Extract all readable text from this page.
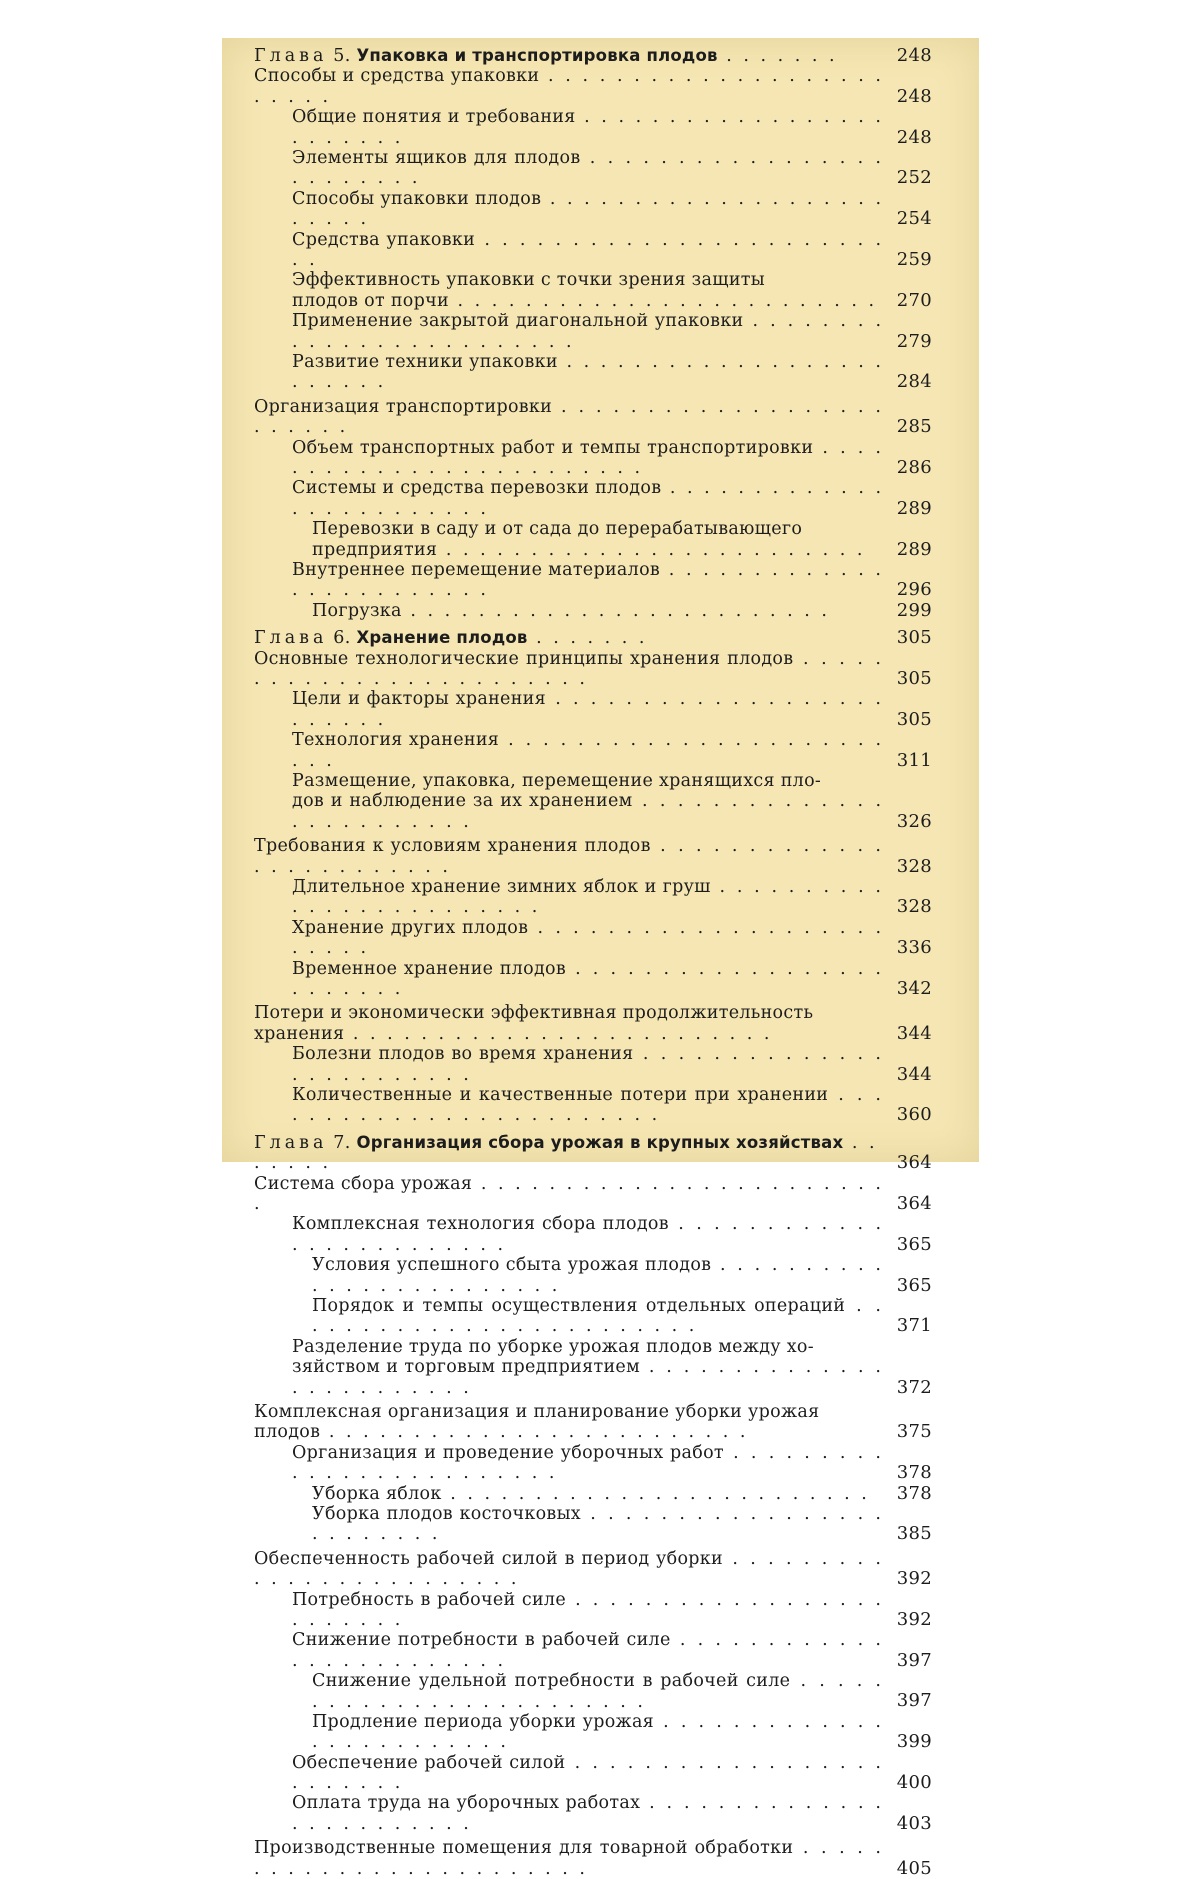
Глава 5. Упаковка и транспортировка плодов . . . . . . .	248
Способы и средства упаковки . . . . . . . . . . . . . . . . . . . . . . . . .	248
Общие понятия и требования . . . . . . . . . . . . . . . . . . . . . . . . .	248
Элементы ящиков для плодов . . . . . . . . . . . . . . . . . . . . . . . . .	252
Способы упаковки плодов . . . . . . . . . . . . . . . . . . . . . . . . .	254
Средства упаковки . . . . . . . . . . . . . . . . . . . . . . . . .	259
Эффективность упаковки с точки зрения защиты
плодов от порчи . . . . . . . . . . . . . . . . . . . . . . . . .	270
Применение закрытой диагональной упаковки . . . . . . . . . . . . . . . . . . . . . . . . .	279
Развитие техники упаковки . . . . . . . . . . . . . . . . . . . . . . . . .	284
Организация транспортировки . . . . . . . . . . . . . . . . . . . . . . . . .	285
Объем транспортных работ и темпы транспортировки . . . . . . . . . . . . . . . . . . . . . . . . .	286
Системы и средства перевозки плодов . . . . . . . . . . . . . . . . . . . . . . . . .	289
Перевозки в саду и от сада до перерабатывающего
предприятия . . . . . . . . . . . . . . . . . . . . . . . . .	289
Внутреннее перемещение материалов . . . . . . . . . . . . . . . . . . . . . . . . .	296
Погрузка . . . . . . . . . . . . . . . . . . . . . . . . .	299
Глава 6. Хранение плодов . . . . . . .	305
Основные технологические принципы хранения плодов . . . . . . . . . . . . . . . . . . . . . . . . .	305
Цели и факторы хранения . . . . . . . . . . . . . . . . . . . . . . . . .	305
Технология хранения . . . . . . . . . . . . . . . . . . . . . . . . .	311
Размещение, упаковка, перемещение хранящихся пло-
дов и наблюдение за их хранением . . . . . . . . . . . . . . . . . . . . . . . . .	326
Требования к условиям хранения плодов . . . . . . . . . . . . . . . . . . . . . . . . .	328
Длительное хранение зимних яблок и груш . . . . . . . . . . . . . . . . . . . . . . . . .	328
Хранение других плодов . . . . . . . . . . . . . . . . . . . . . . . . .	336
Временное хранение плодов . . . . . . . . . . . . . . . . . . . . . . . . .	342
Потери и экономически эффективная продолжительность
хранения . . . . . . . . . . . . . . . . . . . . . . . . .	344
Болезни плодов во время хранения . . . . . . . . . . . . . . . . . . . . . . . . .	344
Количественные и качественные потери при хранении . . . . . . . . . . . . . . . . . . . . . . . . .	360
Глава 7. Организация сбора урожая в крупных хозяйствах . . . . . . .	364
Система сбора урожая . . . . . . . . . . . . . . . . . . . . . . . . .	364
Комплексная технология сбора плодов . . . . . . . . . . . . . . . . . . . . . . . . .	365
Условия успешного сбыта урожая плодов . . . . . . . . . . . . . . . . . . . . . . . . .	365
Порядок и темпы осуществления отдельных операций . . . . . . . . . . . . . . . . . . . . . . . . .	371
Разделение труда по уборке урожая плодов между хо-
зяйством и торговым предприятием . . . . . . . . . . . . . . . . . . . . . . . . .	372
Комплексная организация и планирование уборки урожая
плодов . . . . . . . . . . . . . . . . . . . . . . . . .	375
Организация и проведение уборочных работ . . . . . . . . . . . . . . . . . . . . . . . . .	378
Уборка яблок . . . . . . . . . . . . . . . . . . . . . . . . .	378
Уборка плодов косточковых . . . . . . . . . . . . . . . . . . . . . . . . .	385
Обеспеченность рабочей силой в период уборки . . . . . . . . . . . . . . . . . . . . . . . . .	392
Потребность в рабочей силе . . . . . . . . . . . . . . . . . . . . . . . . .	392
Снижение потребности в рабочей силе . . . . . . . . . . . . . . . . . . . . . . . . .	397
Снижение удельной потребности в рабочей силе . . . . . . . . . . . . . . . . . . . . . . . . .	397
Продление периода уборки урожая . . . . . . . . . . . . . . . . . . . . . . . . .	399
Обеспечение рабочей силой . . . . . . . . . . . . . . . . . . . . . . . . .	400
Оплата труда на уборочных работах . . . . . . . . . . . . . . . . . . . . . . . . .	403
Производственные помещения для товарной обработки . . . . . . . . . . . . . . . . . . . . . . . . .	405
